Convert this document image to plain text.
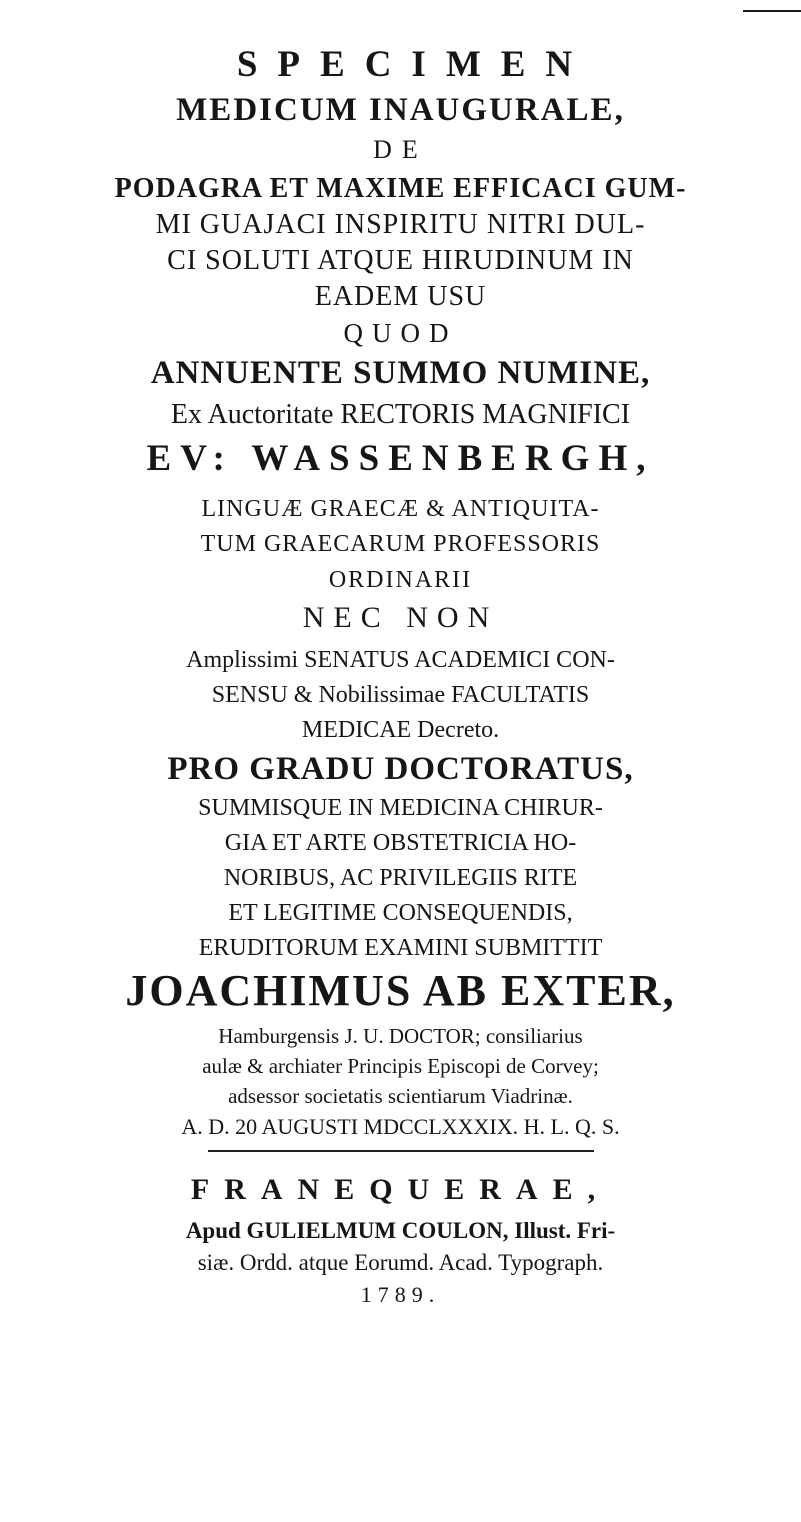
SPECIMEN
MEDICUM INAUGURALE,
DE
PODAGRA ET MAXIME EFFICACI GUM-
MI GUAJACI INSPIRITU NITRI DUL-
CI SOLUTI ATQUE HIRUDINUM IN
EADEM USU
QUOD
ANNUENTE SUMMO NUMINE,
Ex Auctoritate RECTORIS MAGNIFICI
EV: WASSENBERGH,
LINGUÆ GRAECÆ & ANTIQUITA-
TUM GRAECARUM PROFESSORIS
ORDINARII
NEC NON
Amplissimi SENATUS ACADEMICI CON-
SENSU & Nobilissimae FACULTATIS
MEDICAE Decreto.
PRO GRADU DOCTORATUS,
SUMMISQUE IN MEDICINA CHIRUR-
GIA ET ARTE OBSTETRICIA HO-
NORIBUS, AC PRIVILEGIIS RITE
ET LEGITIME CONSEQUENDIS,
ERUDITORUM EXAMINI SUBMITTIT
JOACHIMUS AB EXTER,
Hamburgensis J. U. DOCTOR; consiliarius
aulæ & archiater Principis Episcopi de Corvey;
adsessor societatis scientiarum Viadrinæ.
A. D. 20 AUGUSTI MDCCLXXXIX. H. L. Q. S.
FRANEQUERAE,
Apud GULIELMUM COULON, Illust. Fri-
siæ. Ordd. atque Eorumd. Acad. Typograph.
1789.
